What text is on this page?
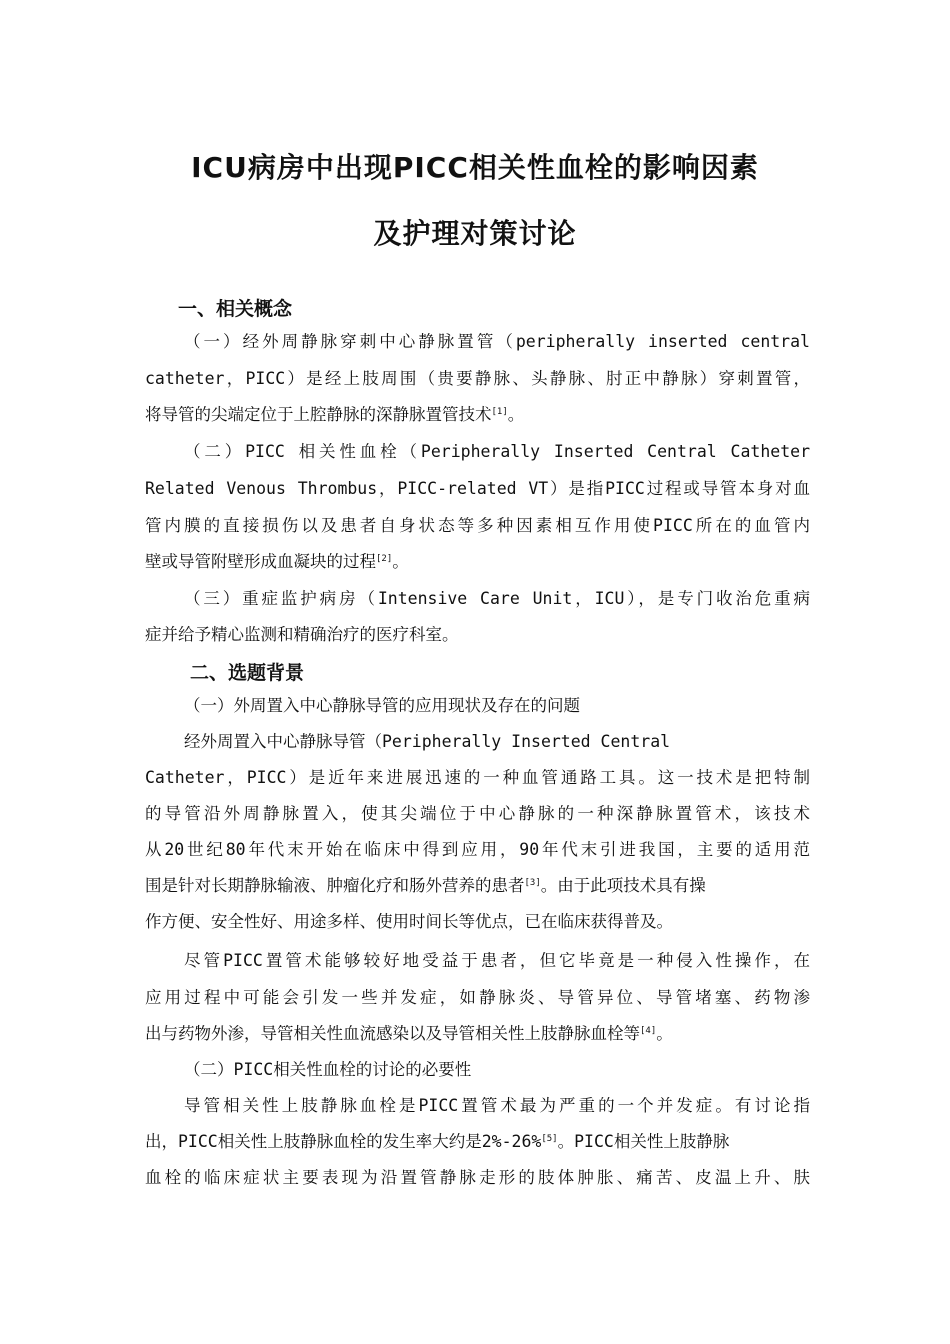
ICU病房中出现PICC相关性血栓的影响因素
及护理对策讨论
一、相关概念
（一）经外周静脉穿刺中心静脉置管（peripherally inserted central
catheter，PICC）是经上肢周围（贵要静脉、头静脉、肘正中静脉）穿刺置管，
将导管的尖端定位于上腔静脉的深静脉置管技术[1]。
（二）PICC 相关性血栓（Peripherally Inserted Central Catheter
Related Venous Thrombus，PICC-related VT）是指PICC过程或导管本身对血
管内膜的直接损伤以及患者自身状态等多种因素相互作用使PICC所在的血管内
壁或导管附壁形成血凝块的过程[2]。
（三）重症监护病房（Intensive Care Unit，ICU），是专门收治危重病
症并给予精心监测和精确治疗的医疗科室。
二、选题背景
（一）外周置入中心静脉导管的应用现状及存在的问题
经外周置入中心静脉导管（Peripherally Inserted Central
Catheter，PICC）是近年来进展迅速的一种血管通路工具。这一技术是把特制
的导管沿外周静脉置入，使其尖端位于中心静脉的一种深静脉置管术，该技术
从20世纪80年代末开始在临床中得到应用，90年代末引进我国，主要的适用范
围是针对长期静脉输液、肿瘤化疗和肠外营养的患者[3]。由于此项技术具有操
作方便、安全性好、用途多样、使用时间长等优点，已在临床获得普及。
尽管PICC置管术能够较好地受益于患者，但它毕竟是一种侵入性操作，在
应用过程中可能会引发一些并发症，如静脉炎、导管异位、导管堵塞、药物渗
出与药物外渗，导管相关性血流感染以及导管相关性上肢静脉血栓等[4]。
（二）PICC相关性血栓的讨论的必要性
导管相关性上肢静脉血栓是PICC置管术最为严重的一个并发症。有讨论指
出，PICC相关性上肢静脉血栓的发生率大约是2%-26%[5]。PICC相关性上肢静脉
血栓的临床症状主要表现为沿置管静脉走形的肢体肿胀、痛苦、皮温上升、肤
